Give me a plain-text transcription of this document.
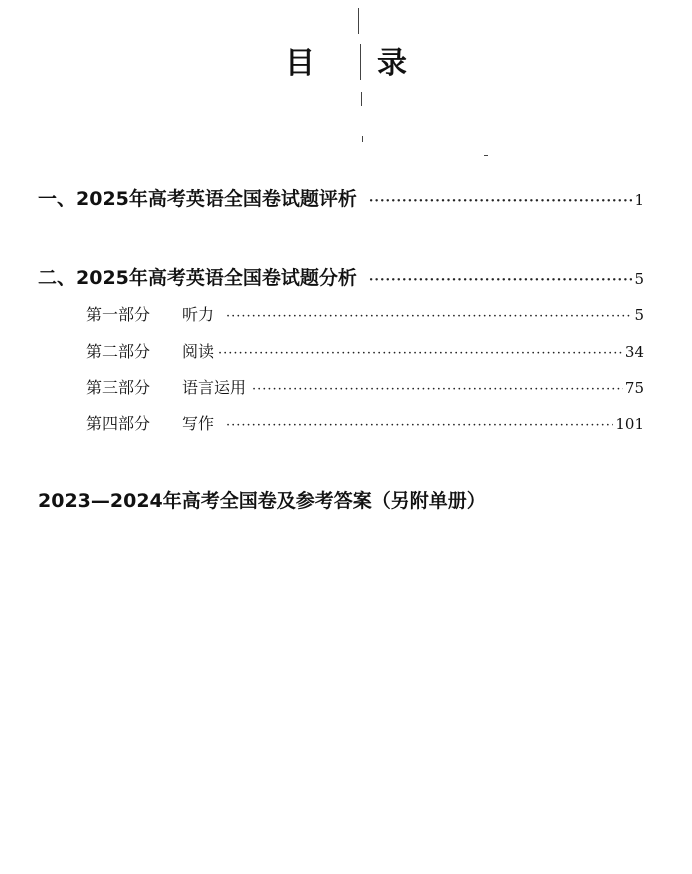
目 录
一、2025年高考英语全国卷试题评析 ·····	1
二、2025年高考英语全国卷试题分析 ·····	5
第一部分 听力 ·····	5
第二部分 阅读 ·····	34
第三部分 语言运用 ·····	75
第四部分 写作 ·····	101
2023—2024年高考全国卷及参考答案（另附单册）
